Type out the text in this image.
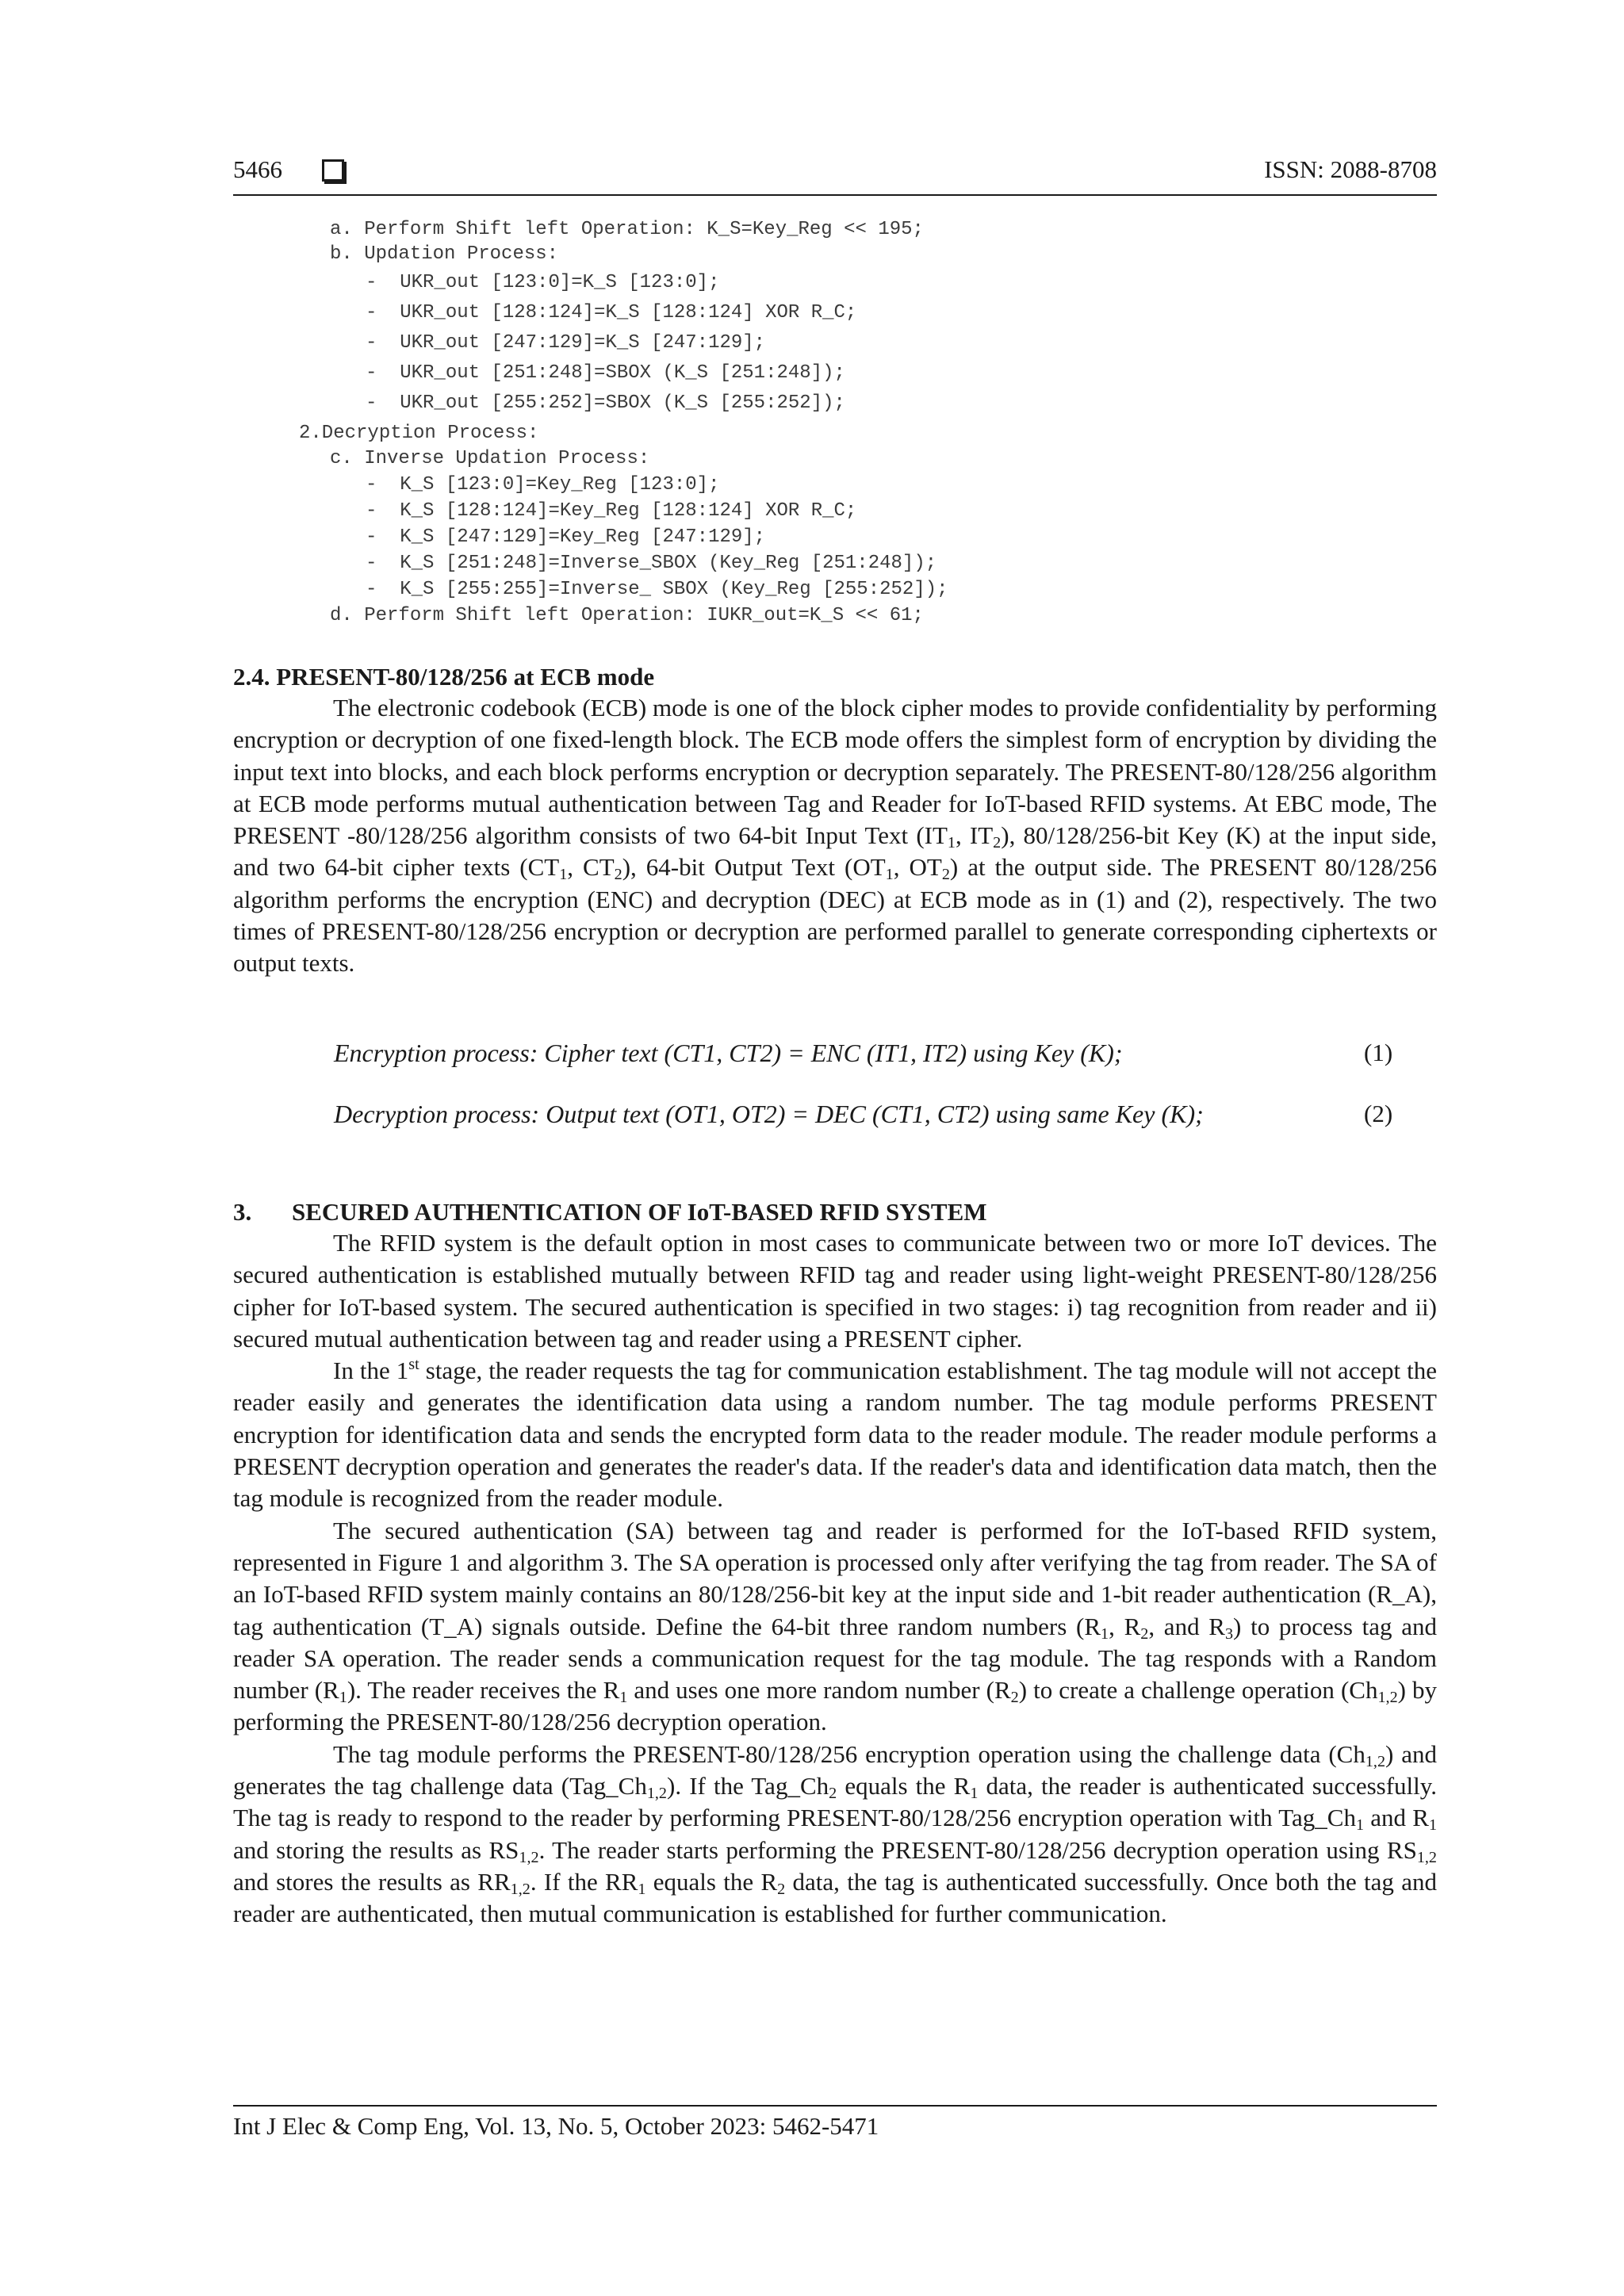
5466	ISSN: 2088-8708
a. Perform Shift left Operation: K_S=Key_Reg << 195;
b. Updation Process:
-  UKR_out [123:0]=K_S [123:0];
-  UKR_out [128:124]=K_S [128:124] XOR R_C;
-  UKR_out [247:129]=K_S [247:129];
-  UKR_out [251:248]=SBOX (K_S [251:248]);
-  UKR_out [255:252]=SBOX (K_S [255:252]);
2.Decryption Process:
c. Inverse Updation Process:
-  K_S [123:0]=Key_Reg [123:0];
-  K_S [128:124]=Key_Reg [128:124] XOR R_C;
-  K_S [247:129]=Key_Reg [247:129];
-  K_S [251:248]=Inverse_SBOX (Key_Reg [251:248]);
-  K_S [255:255]=Inverse_ SBOX (Key_Reg [255:252]);
d. Perform Shift left Operation: IUKR_out=K_S << 61;
2.4. PRESENT-80/128/256 at ECB mode

The electronic codebook (ECB) mode is one of the block cipher modes to provide confidentiality by performing encryption or decryption of one fixed-length block. The ECB mode offers the simplest form of encryption by dividing the input text into blocks, and each block performs encryption or decryption separately. The PRESENT-80/128/256 algorithm at ECB mode performs mutual authentication between Tag and Reader for IoT-based RFID systems. At EBC mode, The PRESENT -80/128/256 algorithm consists of two 64-bit Input Text ($IT_1$, $IT_2$), 80/128/256-bit Key (K) at the input side, and two 64-bit cipher texts ($CT_1$, $CT_2$), 64-bit Output Text ($OT_1$, $OT_2$) at the output side. The PRESENT 80/128/256 algorithm performs the encryption (ENC) and decryption (DEC) at ECB mode as in (1) and (2), respectively. The two times of PRESENT-80/128/256 encryption or decryption are performed parallel to generate corresponding ciphertexts or output texts.

Encryption process: Cipher text (CT1, CT2) = ENC (IT1, IT2) using Key (K);	(1)
Decryption process: Output text (OT1, OT2) = DEC (CT1, CT2) using same Key (K);	(2)
3. SECURED AUTHENTICATION OF IoT-BASED RFID SYSTEM

The RFID system is the default option in most cases to communicate between two or more IoT devices. The secured authentication is established mutually between RFID tag and reader using light-weight PRESENT-80/128/256 cipher for IoT-based system. The secured authentication is specified in two stages: i) tag recognition from reader and ii) secured mutual authentication between tag and reader using a PRESENT cipher.

In the 1st stage, the reader requests the tag for communication establishment. The tag module will not accept the reader easily and generates the identification data using a random number. The tag module performs PRESENT encryption for identification data and sends the encrypted form data to the reader module. The reader module performs a PRESENT decryption operation and generates the reader's data. If the reader's data and identification data match, then the tag module is recognized from the reader module.

The secured authentication (SA) between tag and reader is performed for the IoT-based RFID system, represented in Figure 1 and algorithm 3. The SA operation is processed only after verifying the tag from reader. The SA of an IoT-based RFID system mainly contains an 80/128/256-bit key at the input side and 1-bit reader authentication (R_A), tag authentication (T_A) signals outside. Define the 64-bit three random numbers ($R_1$, $R_2$, and $R_3$) to process tag and reader SA operation. The reader sends a communication request for the tag module. The tag responds with a Random number $(R_1)$. The reader receives the $R_1$ and uses one more random number $(R_2)$ to create a challenge operation $(Ch_{1,2})$ by performing the PRESENT-80/128/256 decryption operation.

The tag module performs the PRESENT-80/128/256 encryption operation using the challenge data $(Ch_{1,2})$ and generates the tag challenge data $(Tag\_Ch_{1,2})$. If the $Tag\_Ch_2$ equals the $R_1$ data, the reader is authenticated successfully. The tag is ready to respond to the reader by performing PRESENT-80/128/256 encryption operation with $Tag\_Ch_1$ and $R_1$ and storing the results as $RS_{1,2}$. The reader starts performing the PRESENT-80/128/256 decryption operation using $RS_{1,2}$ and stores the results as $RR_{1,2}$. If the $RR_1$ equals the $R_2$ data, the tag is authenticated successfully. Once both the tag and reader are authenticated, then mutual communication is established for further communication.

Int J Elec & Comp Eng, Vol. 13, No. 5, October 2023: 5462-5471
